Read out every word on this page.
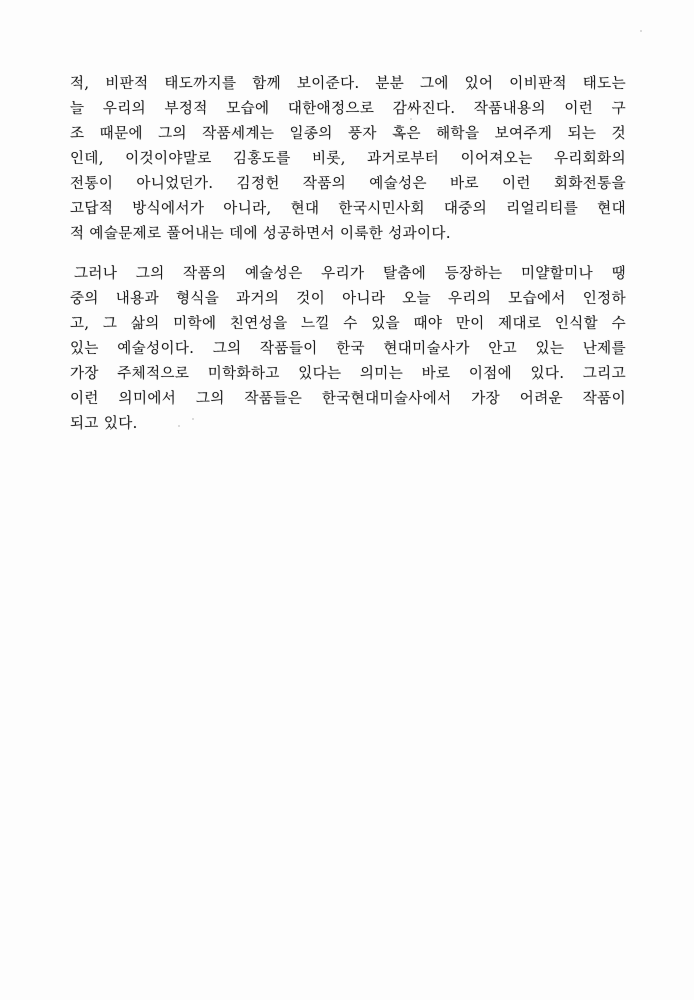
적, 비판적 태도까지를 함께 보이준다. 분분 그에 있어 이비판적 태도는
늘 우리의 부정적 모습에 대한애정으로 감싸진다. 작품내용의 이런 구
조 때문에 그의 작품세계는 일종의 풍자 혹은 해학을 보여주게 되는 것
인데, 이것이야말로 김홍도를 비롯, 과거로부터 이어져오는 우리회화의
전통이 아니었던가. 김정헌 작품의 예술성은 바로 이런 회화전통을
고답적 방식에서가 아니라, 현대 한국시민사회 대중의 리얼리티를 현대
적 예술문제로 풀어내는 데에 성공하면서 이룩한 성과이다.
그러나 그의 작품의 예술성은 우리가 탈춤에 등장하는 미얄할미나 땡
중의 내용과 형식을 과거의 것이 아니라 오늘 우리의 모습에서 인정하
고, 그 삶의 미학에 친연성을 느낄 수 있을 때야 만이 제대로 인식할 수
있는 예술성이다. 그의 작품들이 한국 현대미술사가 안고 있는 난제를
가장 주체적으로 미학화하고 있다는 의미는 바로 이점에 있다. 그리고
이런 의미에서 그의 작품들은 한국현대미술사에서 가장 어려운 작품이
되고 있다.
